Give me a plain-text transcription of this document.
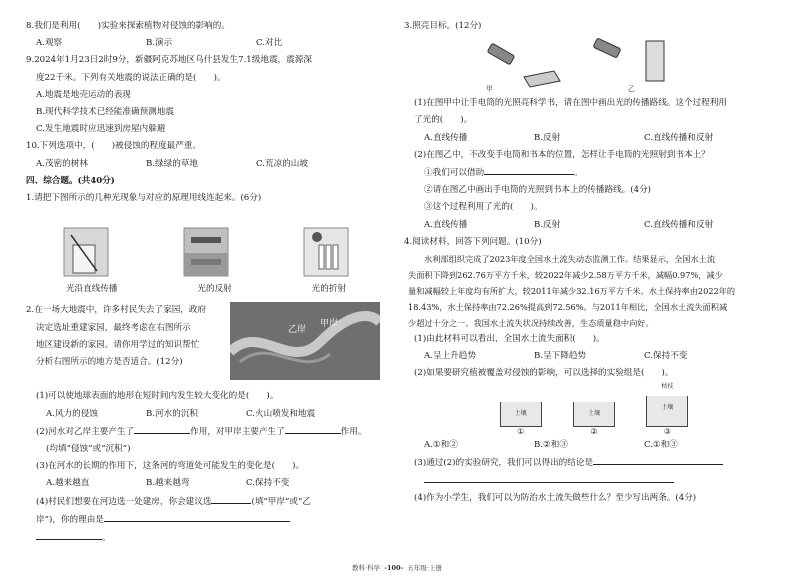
8.我们是利用(　　)实验来探索植物对侵蚀的影响的。
A.观察	B.演示	C.对比
9.2024年1月23日2时9分，新疆阿克苏地区乌什县发生7.1级地震，震源深
度22千米。下列有关地震的说法正确的是(　　)。
A.地震是地壳运动的表现
B.现代科学技术已经能准确预测地震
C.发生地震时应迅速到房屋内躲避
10.下列选项中，(　　)被侵蚀的程度最严重。
A.茂密的树林	B.绿绿的草地	C.荒凉的山坡
四、综合题。(共40分)
1.请把下图所示的几种光现象与对应的原理用线连起来。(6分)
光沿直线传播	光的反射	光的折射
2.在一场大地震中，许多村民失去了家园，政府
决定选址重建家园，最终考虑在右图所示
地区建设新的家园。请你用学过的知识帮忙
分析右图所示的地方是否适合。(12分)
乙岸
甲岸
(1)可以使地球表面的地形在短时间内发生较大变化的是(　　)。
A.风力的侵蚀	B.河水的沉积	C.火山喷发和地震
(2)河水对乙岸主要产生了	作用，对甲岸主要产生了	作用。
(均填“侵蚀”或“沉积”)
(3)在河水的长期的作用下，这条河的弯道处可能发生的变化是(　　)。
A.越来越直	B.越来越弯	C.保持不变
(4)村民们想要在河边选一处建房，你会建议选	(填“甲岸”或“乙
岸”)，你的理由是
。
3.照亮目标。(12分)
甲	乙
(1)在图甲中让手电筒的光照亮科学书，请在图中画出光的传播路线。这个过程利用
了光的(　　)。
A.直线传播	B.反射	C.直线传播和反射
(2)在图乙中，不改变手电筒和书本的位置，怎样让手电筒的光照射到书本上？
①我们可以借助	。
②请在图乙中画出手电筒的光照到书本上的传播路线。(4分)
③这个过程利用了光的(　　)。
A.直线传播	B.反射	C.直线传播和反射
4.阅读材料，回答下列问题。(10分)
水利部组织完成了2023年度全国水土流失动态监测工作。结果显示，全国水土流
失面积下降到262.76万平方千米，较2022年减少2.58万平方千米，减幅0.97%，减少
量和减幅较上年度均有所扩大，较2011年减少32.16万平方千米。水土保持率由2022年的
18.43%，水土保持率由72.26%提高到72.56%。与2011年相比，全国水土流失面积减
少超过十分之一。我国水土流失状况持续改善，生态质量稳中向好。
(1)由此材料可以看出，全国水土流失面积(　　)。
A.呈上升趋势	B.呈下降趋势	C.保持不变
(2)如果要研究植被覆盖对侵蚀的影响，可以选择的实验组是(　　)。
土壤	土壤
枯枝
土壤
①	②	③
A.①和②	B.②和③	C.①和③
(3)通过(2)的实验研究，我们可以得出的结论是
(4)作为小学生，我们可以为防治水土流失做些什么？至少写出两条。(4分)
教科·科学 -100- 五年级·上册
